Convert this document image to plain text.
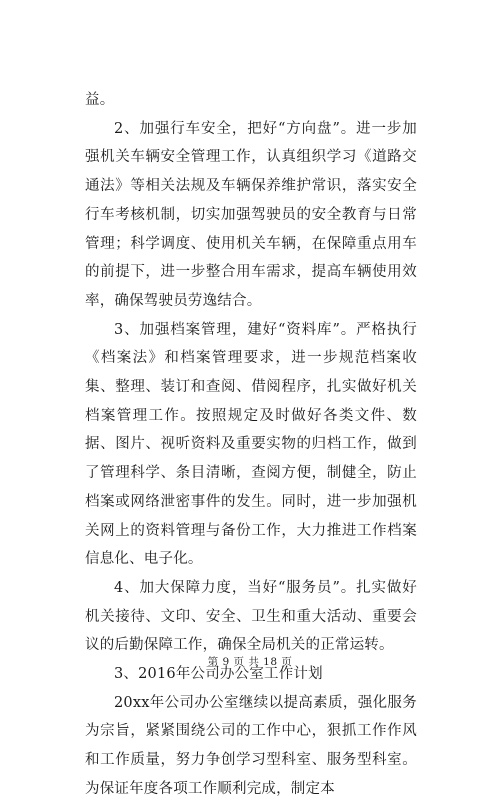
益。

2、加强行车安全，把好“方向盘”。进一步加强机关车辆安全管理工作，认真组织学习《道路交通法》等相关法规及车辆保养维护常识，落实安全行车考核机制，切实加强驾驶员的安全教育与日常管理；科学调度、使用机关车辆，在保障重点用车的前提下，进一步整合用车需求，提高车辆使用效率，确保驾驶员劳逸结合。

3、加强档案管理，建好“资料库”。严格执行《档案法》和档案管理要求，进一步规范档案收集、整理、装订和查阅、借阅程序，扎实做好机关档案管理工作。按照规定及时做好各类文件、数据、图片、视听资料及重要实物的归档工作，做到了管理科学、条目清晰，查阅方便，制健全，防止档案或网络泄密事件的发生。同时，进一步加强机关网上的资料管理与备份工作，大力推进工作档案信息化、电子化。

4、加大保障力度，当好“服务员”。扎实做好机关接待、文印、安全、卫生和重大活动、重要会议的后勤保障工作，确保全局机关的正常运转。

3、2016年公司办公室工作计划

20xx年公司办公室继续以提高素质，强化服务为宗旨，紧紧围绕公司的工作中心，狠抓工作作风和工作质量，努力争创学习型科室、服务型科室。为保证年度各项工作顺利完成，制定本

第 9 页 共 18 页
